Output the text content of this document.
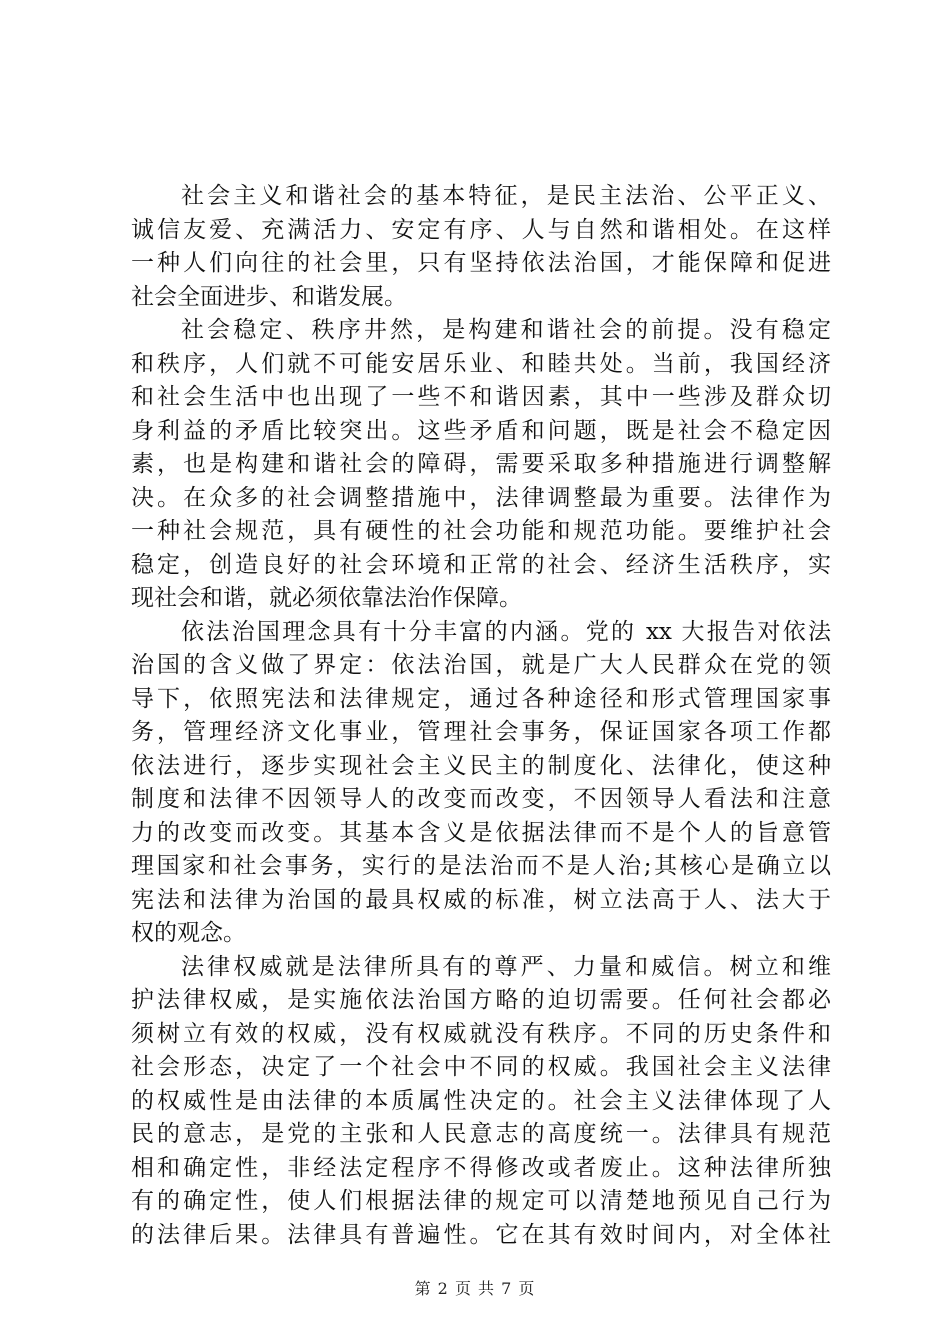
社会主义和谐社会的基本特征，是民主法治、公平正义、
诚信友爱、充满活力、安定有序、人与自然和谐相处。在这样
一种人们向往的社会里，只有坚持依法治国，才能保障和促进
社会全面进步、和谐发展。
社会稳定、秩序井然，是构建和谐社会的前提。没有稳定
和秩序，人们就不可能安居乐业、和睦共处。当前，我国经济
和社会生活中也出现了一些不和谐因素，其中一些涉及群众切
身利益的矛盾比较突出。这些矛盾和问题，既是社会不稳定因
素，也是构建和谐社会的障碍，需要采取多种措施进行调整解
决。在众多的社会调整措施中，法律调整最为重要。法律作为
一种社会规范，具有硬性的社会功能和规范功能。要维护社会
稳定，创造良好的社会环境和正常的社会、经济生活秩序，实
现社会和谐，就必须依靠法治作保障。
依法治国理念具有十分丰富的内涵。党的 xx 大报告对依法
治国的含义做了界定：依法治国，就是广大人民群众在党的领
导下，依照宪法和法律规定，通过各种途径和形式管理国家事
务，管理经济文化事业，管理社会事务，保证国家各项工作都
依法进行，逐步实现社会主义民主的制度化、法律化，使这种
制度和法律不因领导人的改变而改变，不因领导人看法和注意
力的改变而改变。其基本含义是依据法律而不是个人的旨意管
理国家和社会事务，实行的是法治而不是人治;其核心是确立以
宪法和法律为治国的最具权威的标准，树立法高于人、法大于
权的观念。
法律权威就是法律所具有的尊严、力量和威信。树立和维
护法律权威，是实施依法治国方略的迫切需要。任何社会都必
须树立有效的权威，没有权威就没有秩序。不同的历史条件和
社会形态，决定了一个社会中不同的权威。我国社会主义法律
的权威性是由法律的本质属性决定的。社会主义法律体现了人
民的意志，是党的主张和人民意志的高度统一。法律具有规范
相和确定性，非经法定程序不得修改或者废止。这种法律所独
有的确定性，使人们根据法律的规定可以清楚地预见自己行为
的法律后果。法律具有普遍性。它在其有效时间内，对全体社
第 2 页 共 7 页
